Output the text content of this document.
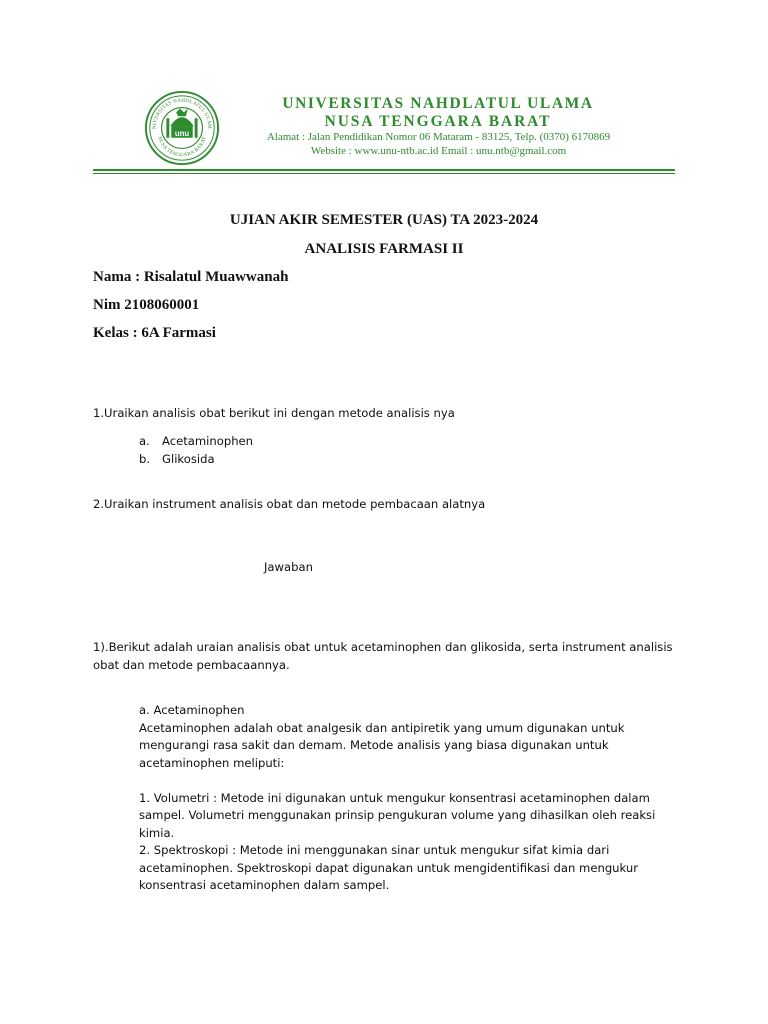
NIVERSITAS NAHDLATUL ULAM
NUSA TENGGARA BARAT
unu
UNIVERSITAS NAHDLATUL ULAMA
NUSA TENGGARA BARAT
Alamat : Jalan Pendidikan Nomor 06 Mataram - 83125, Telp. (0370) 6170869
Website : www.unu-ntb.ac.id Email : unu.ntb@gmail.com
UJIAN AKIR SEMESTER (UAS) TA 2023-2024
ANALISIS FARMASI II
Nama : Risalatul Muawwanah
Nim 2108060001
Kelas : 6A Farmasi
1.Uraikan analisis obat berikut ini dengan metode analisis nya
a. Acetaminophen
b. Glikosida
2.Uraikan instrument analisis obat dan metode pembacaan alatnya
Jawaban
1).Berikut adalah uraian analisis obat untuk acetaminophen dan glikosida, serta instrument analisis
obat dan metode pembacaannya.
a. Acetaminophen
Acetaminophen adalah obat analgesik dan antipiretik yang umum digunakan untuk
mengurangi rasa sakit dan demam. Metode analisis yang biasa digunakan untuk
acetaminophen meliputi:
1. Volumetri : Metode ini digunakan untuk mengukur konsentrasi acetaminophen dalam
sampel. Volumetri menggunakan prinsip pengukuran volume yang dihasilkan oleh reaksi
kimia.
2. Spektroskopi : Metode ini menggunakan sinar untuk mengukur sifat kimia dari
acetaminophen. Spektroskopi dapat digunakan untuk mengidentifikasi dan mengukur
konsentrasi acetaminophen dalam sampel.
